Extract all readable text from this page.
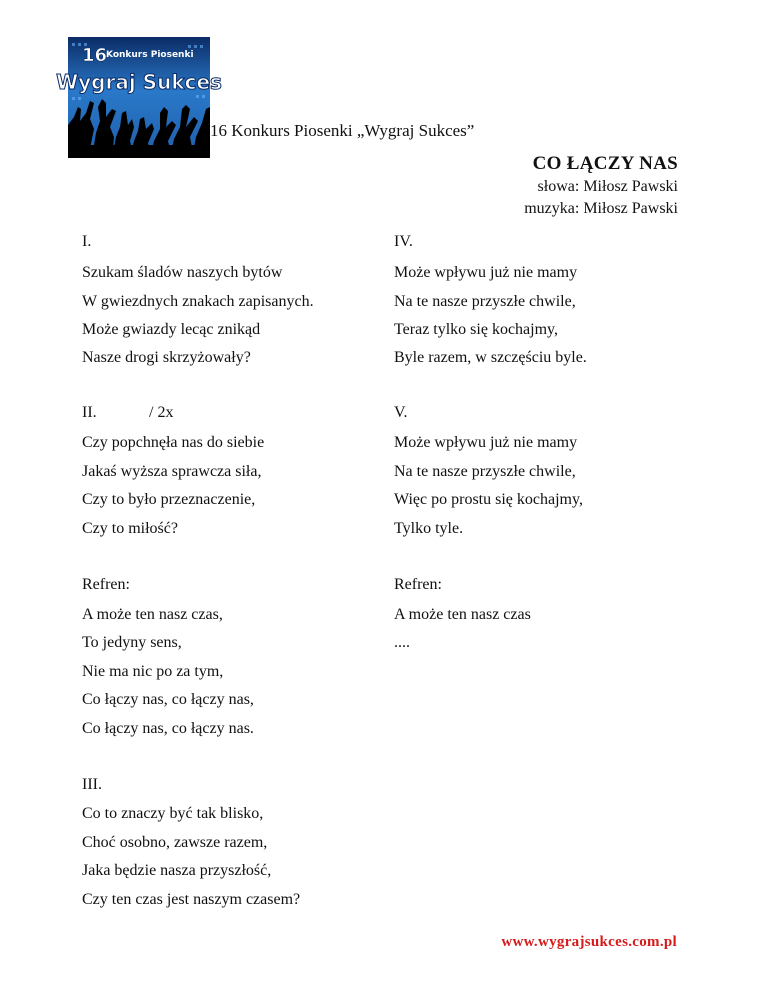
16
Konkurs Piosenki
Wygraj Sukces
16 Konkurs Piosenki „Wygraj Sukces”
CO ŁĄCZY NAS
słowa: Miłosz Pawski
muzyka: Miłosz Pawski
I.
Szukam śladów naszych bytów
W gwiezdnych znakach zapisanych.
Może gwiazdy lecąc znikąd
Nasze drogi skrzyżowały?
II.	/ 2x
Czy popchnęła nas do siebie
Jakaś wyższa sprawcza siła,
Czy to było przeznaczenie,
Czy to miłość?
Refren:
A może ten nasz czas,
To jedyny sens,
Nie ma nic po za tym,
Co łączy nas, co łączy nas,
Co łączy nas, co łączy nas.
III.
Co to znaczy być tak blisko,
Choć osobno, zawsze razem,
Jaka będzie nasza przyszłość,
Czy ten czas jest naszym czasem?
IV.
Może wpływu już nie mamy
Na te nasze przyszłe chwile,
Teraz tylko się kochajmy,
Byle razem, w szczęściu byle.
V.
Może wpływu już nie mamy
Na te nasze przyszłe chwile,
Więc po prostu się kochajmy,
Tylko tyle.
Refren:
A może ten nasz czas
....
www.wygrajsukces.com.pl
